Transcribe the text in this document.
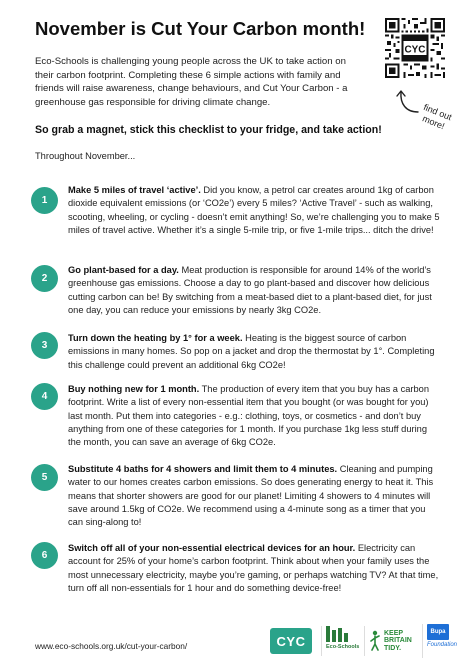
November is Cut Your Carbon month!

Eco-Schools is challenging young people across the UK to take action on their carbon footprint. Completing these 6 simple actions with family and friends will raise awareness, change behaviours, and Cut Your Carbon - a greenhouse gas responsible for driving climate change.

CYC
find out more!

So grab a magnet, stick this checklist to your fridge, and take action!

Throughout November...

1

Make 5 miles of travel ‘active’. Did you know, a petrol car creates around 1kg of carbon dioxide equivalent emissions (or ‘CO2e’) every 5 miles? ‘Active Travel’ - such as walking, scooting, wheeling, or cycling - doesn’t emit anything! So, we’re challenging you to make 5 miles of travel active. Whether it’s a single 5-mile trip, or five 1-mile trips... ditch the drive!

2

Go plant-based for a day. Meat production is responsible for around 14% of the world’s greenhouse gas emissions. Choose a day to go plant-based and discover how delicious cutting carbon can be! By switching from a meat-based diet to a plant-based diet, for just one day, you can reduce your emissions by nearly 3kg CO2e.

3

Turn down the heating by 1° for a week. Heating is the biggest source of carbon emissions in many homes. So pop on a jacket and drop the thermostat by 1°. Completing this challenge could prevent an additional 6kg CO2e!

4

Buy nothing new for 1 month. The production of every item that you buy has a carbon footprint. Write a list of every non-essential item that you bought (or was bought for you) last month. Put them into categories - e.g.: clothing, toys, or cosmetics - and don’t buy anything from one of these categories for 1 month. If you purchase 1kg less stuff during the month, you can save an average of 6kg CO2e.

5

Substitute 4 baths for 4 showers and limit them to 4 minutes. Cleaning and pumping water to our homes creates carbon emissions. So does generating energy to heat it. This means that shorter showers are good for our planet! Limiting 4 showers to 4 minutes will save around 1.5kg of CO2e. We recommend using a 4-minute song as a timer that you can sing-along to!

6

Switch off all of your non-essential electrical devices for an hour. Electricity can account for 25% of your home’s carbon footprint. Think about when your family uses the most unnecessary electricity, maybe you’re gaming, or perhaps watching TV? At that time, turn off all non-essentials for 1 hour and do something device-free!

www.eco-schools.org.uk/cut-your-carbon/	CYC	Eco-Schools
KEEP
BRITAIN
TIDY.
Bupa
Foundation
